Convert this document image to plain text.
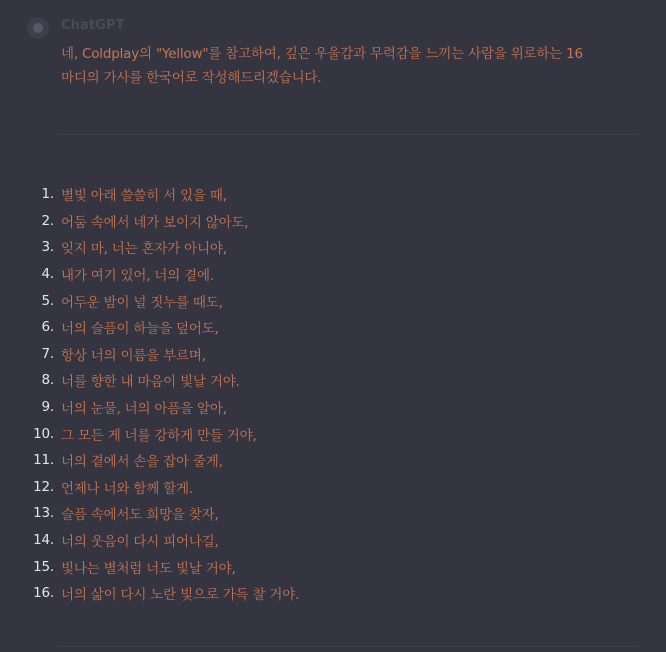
ChatGPT
네, Coldplay의 "Yellow"를 참고하여, 깊은 우울감과 무력감을 느끼는 사람을 위로하는 16
마디의 가사를 한국어로 작성해드리겠습니다.
1. 별빛 아래 쓸쓸히 서 있을 때,
2. 어둠 속에서 네가 보이지 않아도,
3. 잊지 마, 너는 혼자가 아니야,
4. 내가 여기 있어, 너의 곁에.
5. 어두운 밤이 널 짓누를 때도,
6. 너의 슬픔이 하늘을 덮어도,
7. 항상 너의 이름을 부르며,
8. 너를 향한 내 마음이 빛날 거야.
9. 너의 눈물, 너의 아픔을 알아,
10. 그 모든 게 너를 강하게 만들 거야,
11. 너의 곁에서 손을 잡아 줄게,
12. 언제나 너와 함께 할게.
13. 슬픔 속에서도 희망을 찾자,
14. 너의 웃음이 다시 피어나길,
15. 빛나는 별처럼 너도 빛날 거야,
16. 너의 삶이 다시 노란 빛으로 가득 찰 거야.
